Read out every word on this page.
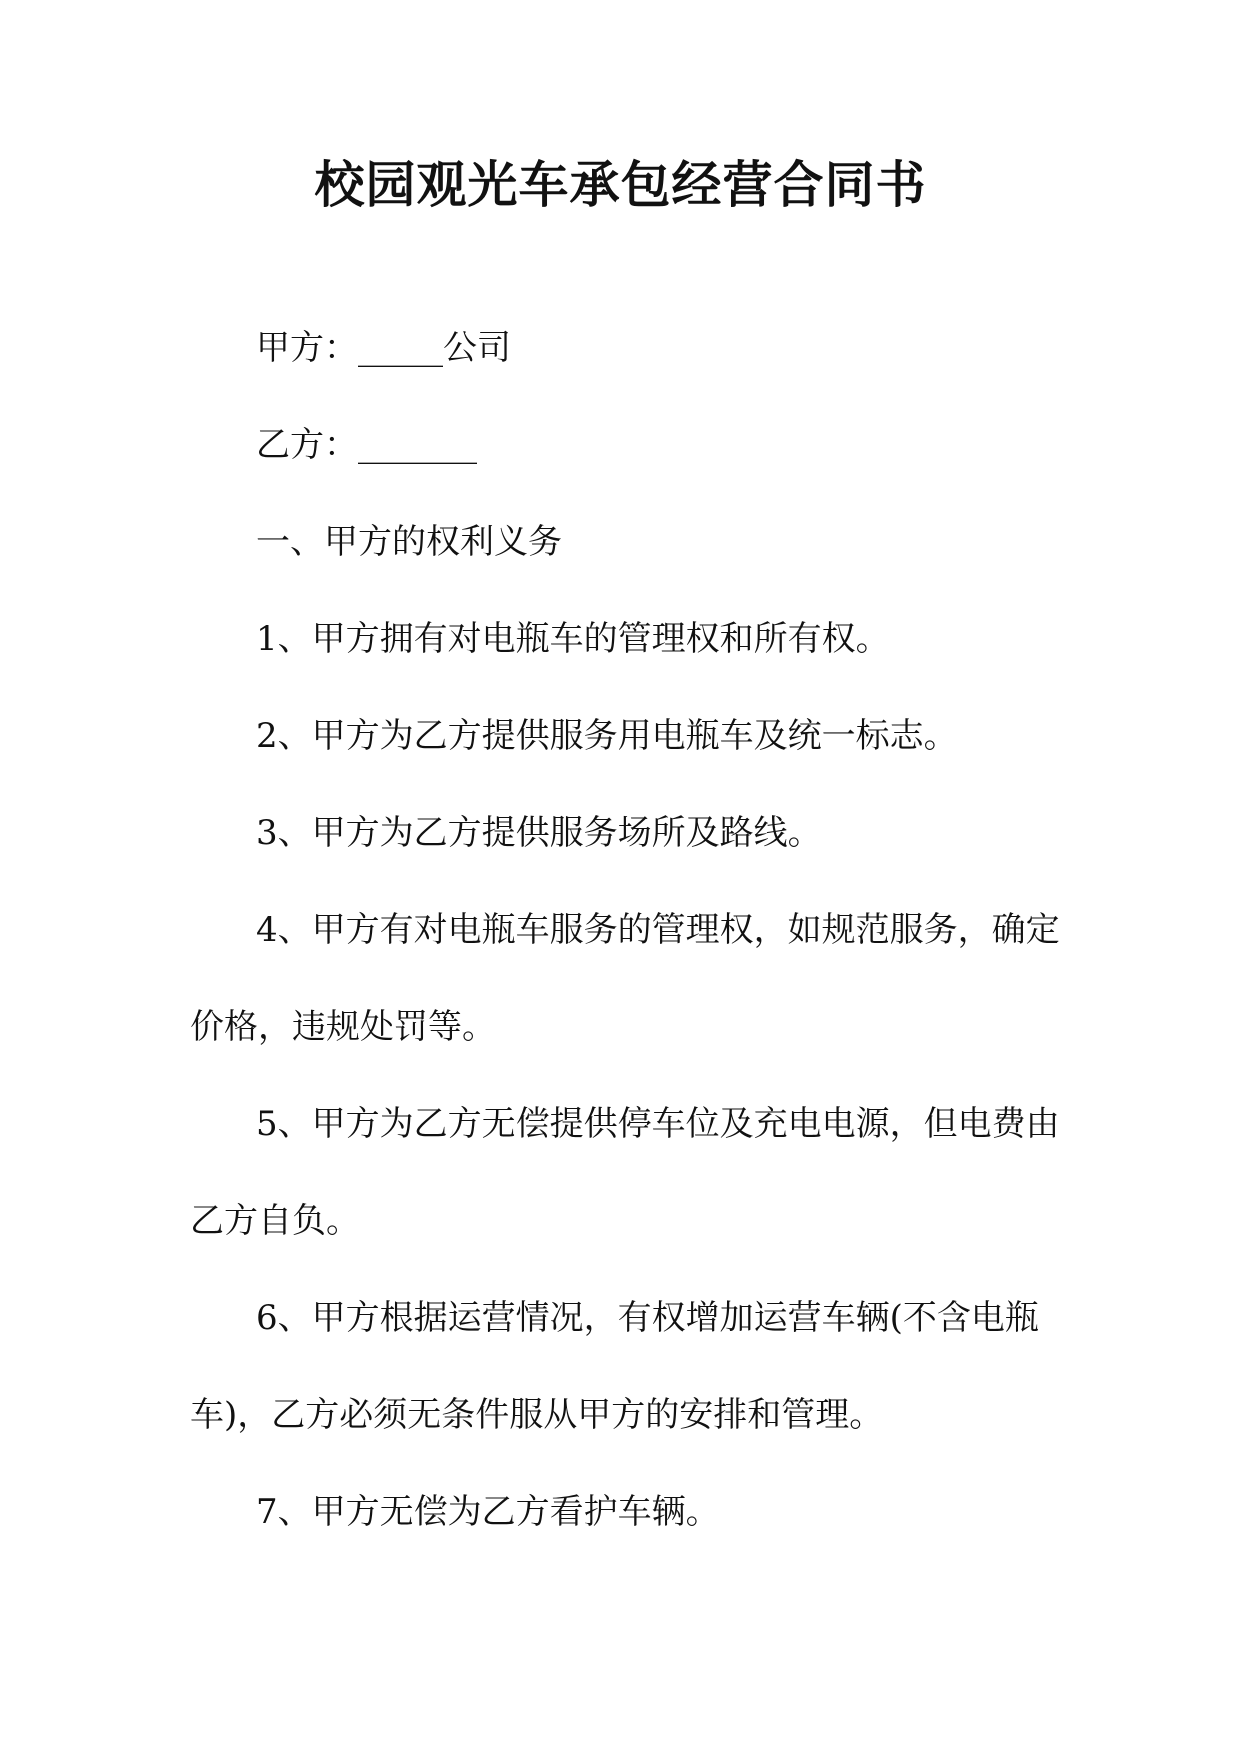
校园观光车承包经营合同书

甲方：_____公司

乙方：_______

一、甲方的权利义务

1、甲方拥有对电瓶车的管理权和所有权。

2、甲方为乙方提供服务用电瓶车及统一标志。

3、甲方为乙方提供服务场所及路线。

4、甲方有对电瓶车服务的管理权，如规范服务，确定价格，违规处罚等。

5、甲方为乙方无偿提供停车位及充电电源，但电费由乙方自负。

6、甲方根据运营情况，有权增加运营车辆(不含电瓶车)，乙方必须无条件服从甲方的安排和管理。

7、甲方无偿为乙方看护车辆。
